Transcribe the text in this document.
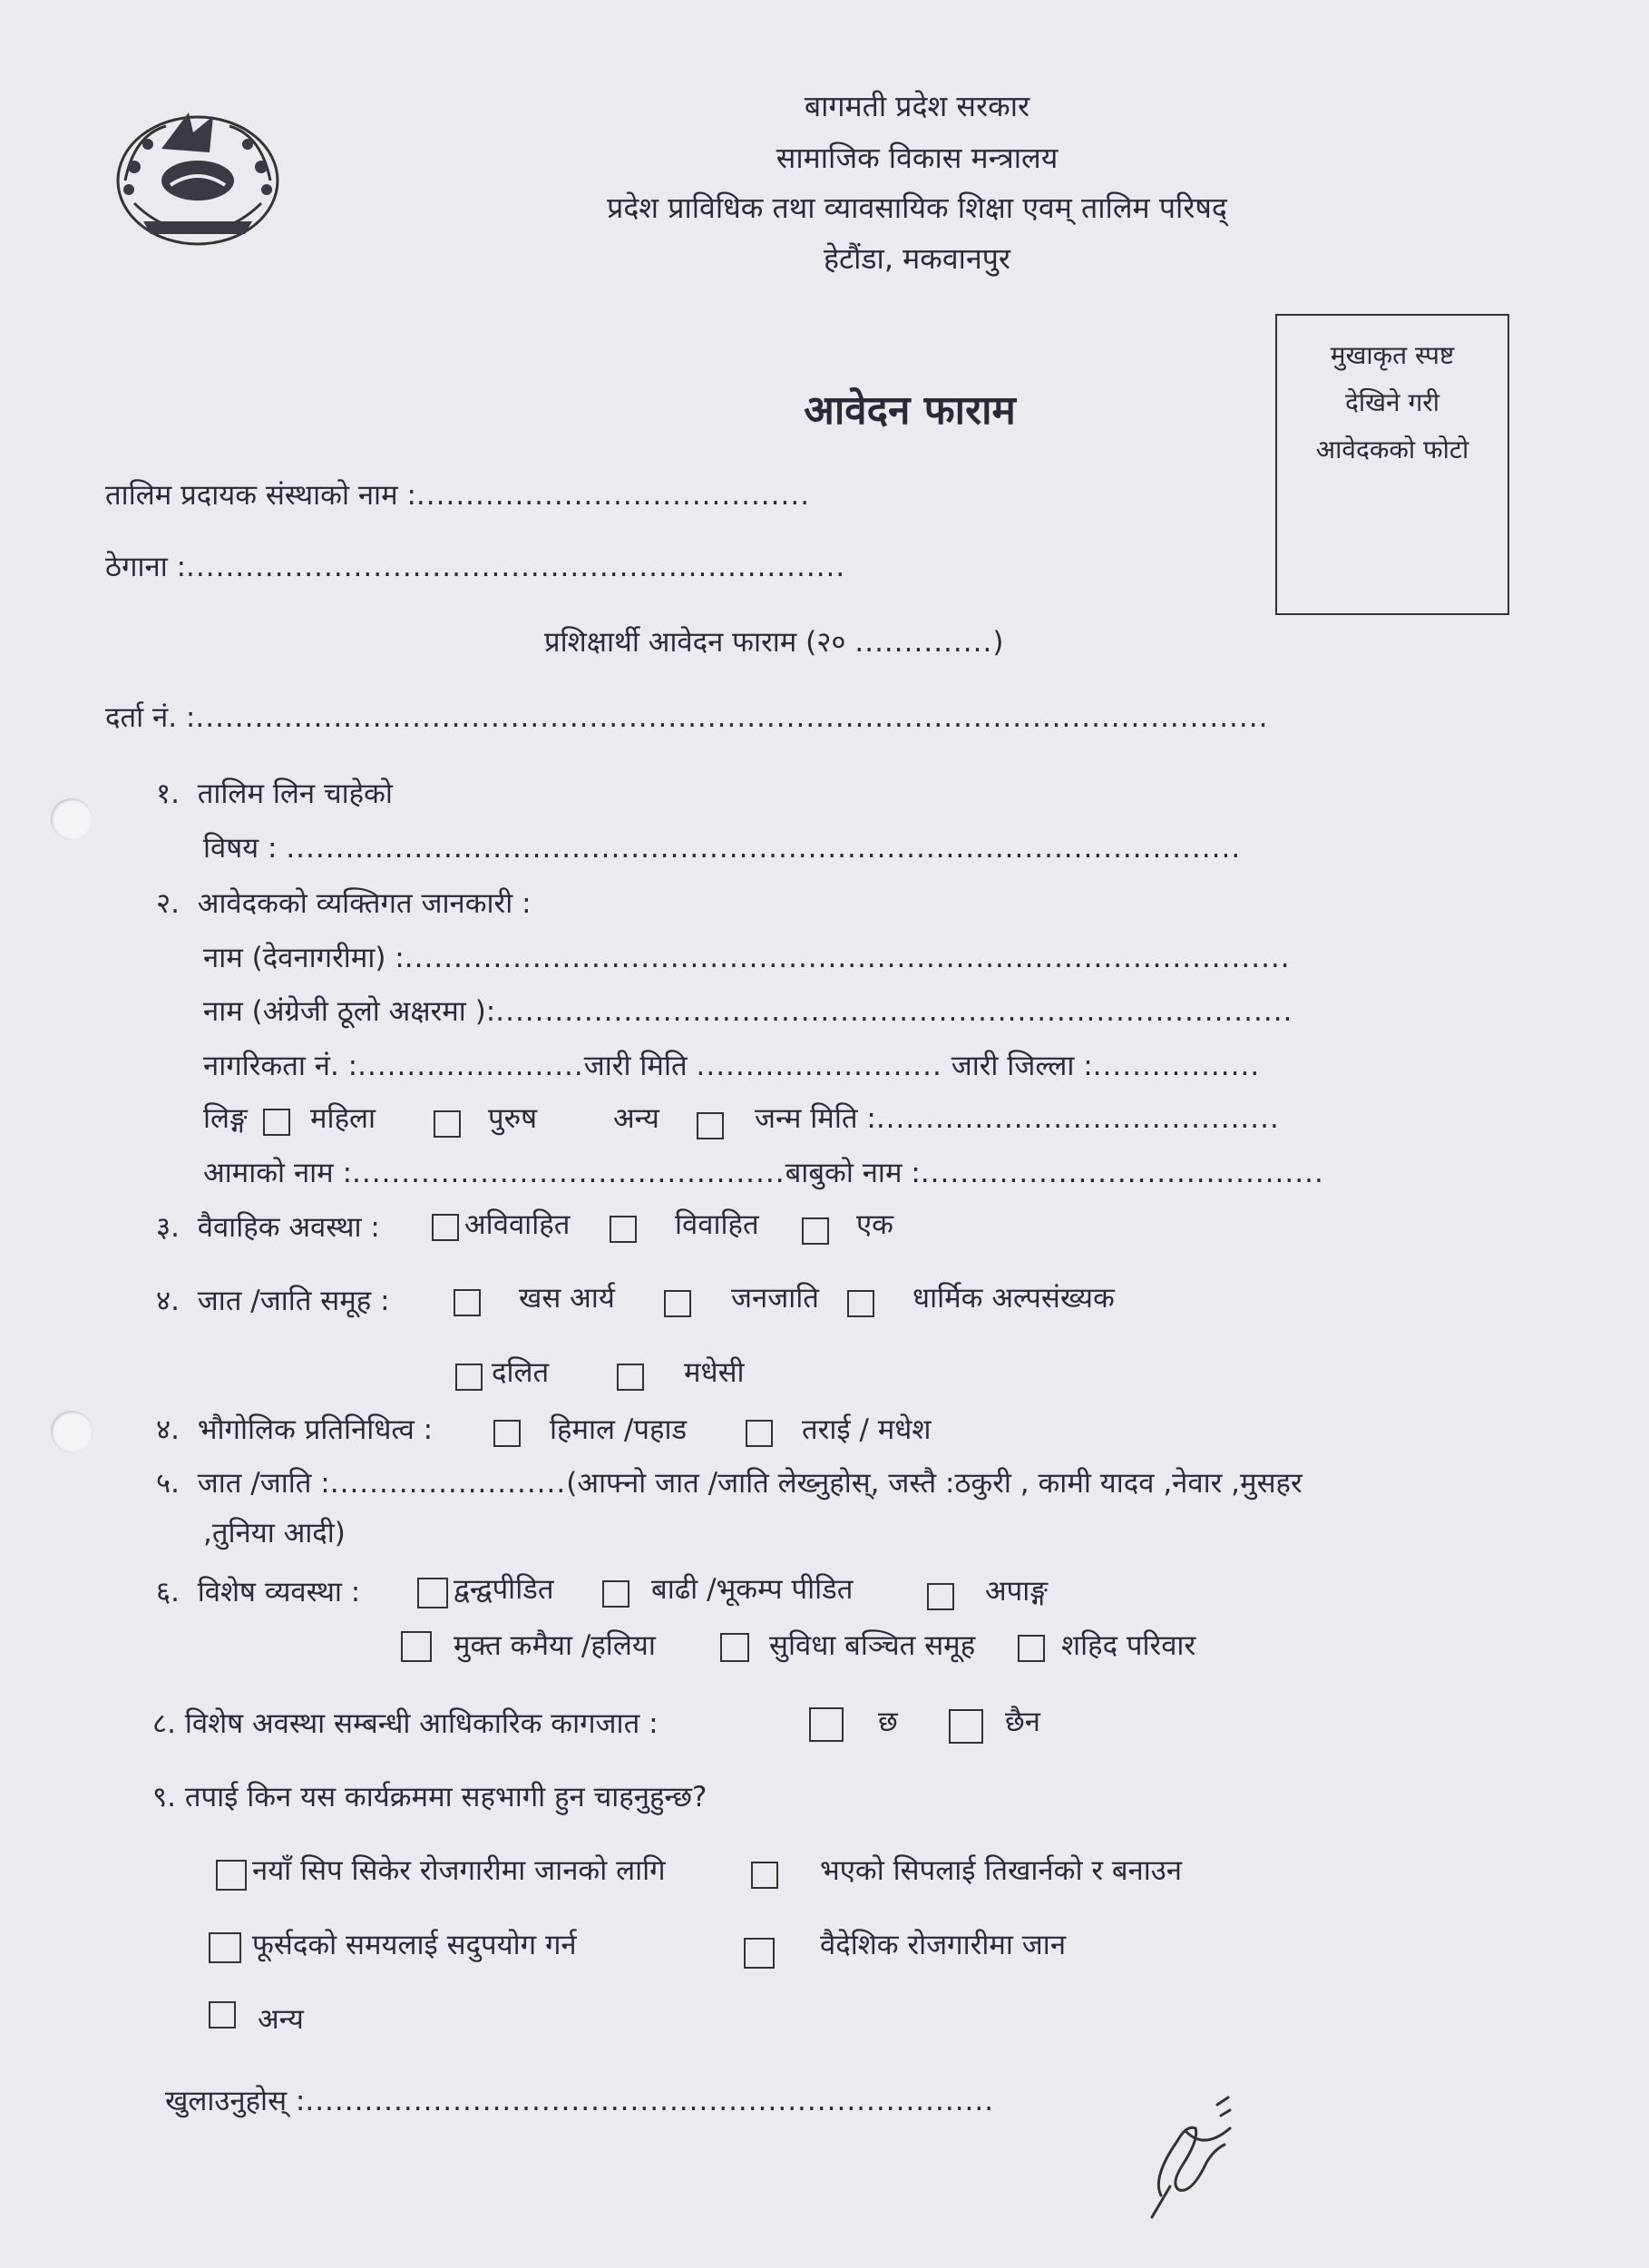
बागमती प्रदेश सरकार
सामाजिक विकास मन्त्रालय
प्रदेश प्राविधिक तथा व्यावसायिक शिक्षा एवम् तालिम परिषद्
हेटौंडा, मकवानपुर
मुखाकृत स्पष्ट
देखिने गरी
आवेदकको फोटो
आवेदन फाराम
तालिम प्रदायक संस्थाको नाम :........................................
ठेगाना :...................................................................
प्रशिक्षार्थी आवेदन फाराम (२० ..............)
दर्ता नं. :.............................................................................................................
१. तालिम लिन चाहेको
विषय : .................................................................................................
२. आवेदकको व्यक्तिगत जानकारी :
नाम (देवनागरीमा) :..........................................................................................
नाम (अंग्रेजी ठूलो अक्षरमा ):.................................................................................
नागरिकता नं. :.......................जारी मिति ......................... जारी जिल्ला :.................
लिङ्ग महिला	पुरुष	अन्य	जन्म मिति :.........................................
आमाको नाम :............................................बाबुको नाम :.........................................
३. वैवाहिक अवस्था :	अविवाहित	विवाहित	एक
४. जात /जाति समूह :	खस आर्य	जनजाति	धार्मिक अल्पसंख्यक
दलित	मधेसी
४. भौगोलिक प्रतिनिधित्व :	हिमाल /पहाड	तराई / मधेश
५. जात /जाति :........................(आफ्नो जात /जाति लेख्नुहोस्, जस्तै :ठकुरी , कामी यादव ,नेवार ,मुसहर
,तुनिया आदी)
६. विशेष व्यवस्था :	द्वन्द्वपीडित	बाढी /भूकम्प पीडित	अपाङ्ग
मुक्त कमैया /हलिया	सुविधा बञ्चित समूह	शहिद परिवार
८. विशेष अवस्था सम्बन्धी आधिकारिक कागजात :	छ	छैन
९. तपाई किन यस कार्यक्रममा सहभागी हुन चाहनुहुन्छ?
नयाँ सिप सिकेर रोजगारीमा जानको लागि	भएको सिपलाई तिखार्नको र बनाउन
फूर्सदको समयलाई सदुपयोग गर्न	वैदेशिक रोजगारीमा जान
अन्य
खुलाउनुहोस् :......................................................................
